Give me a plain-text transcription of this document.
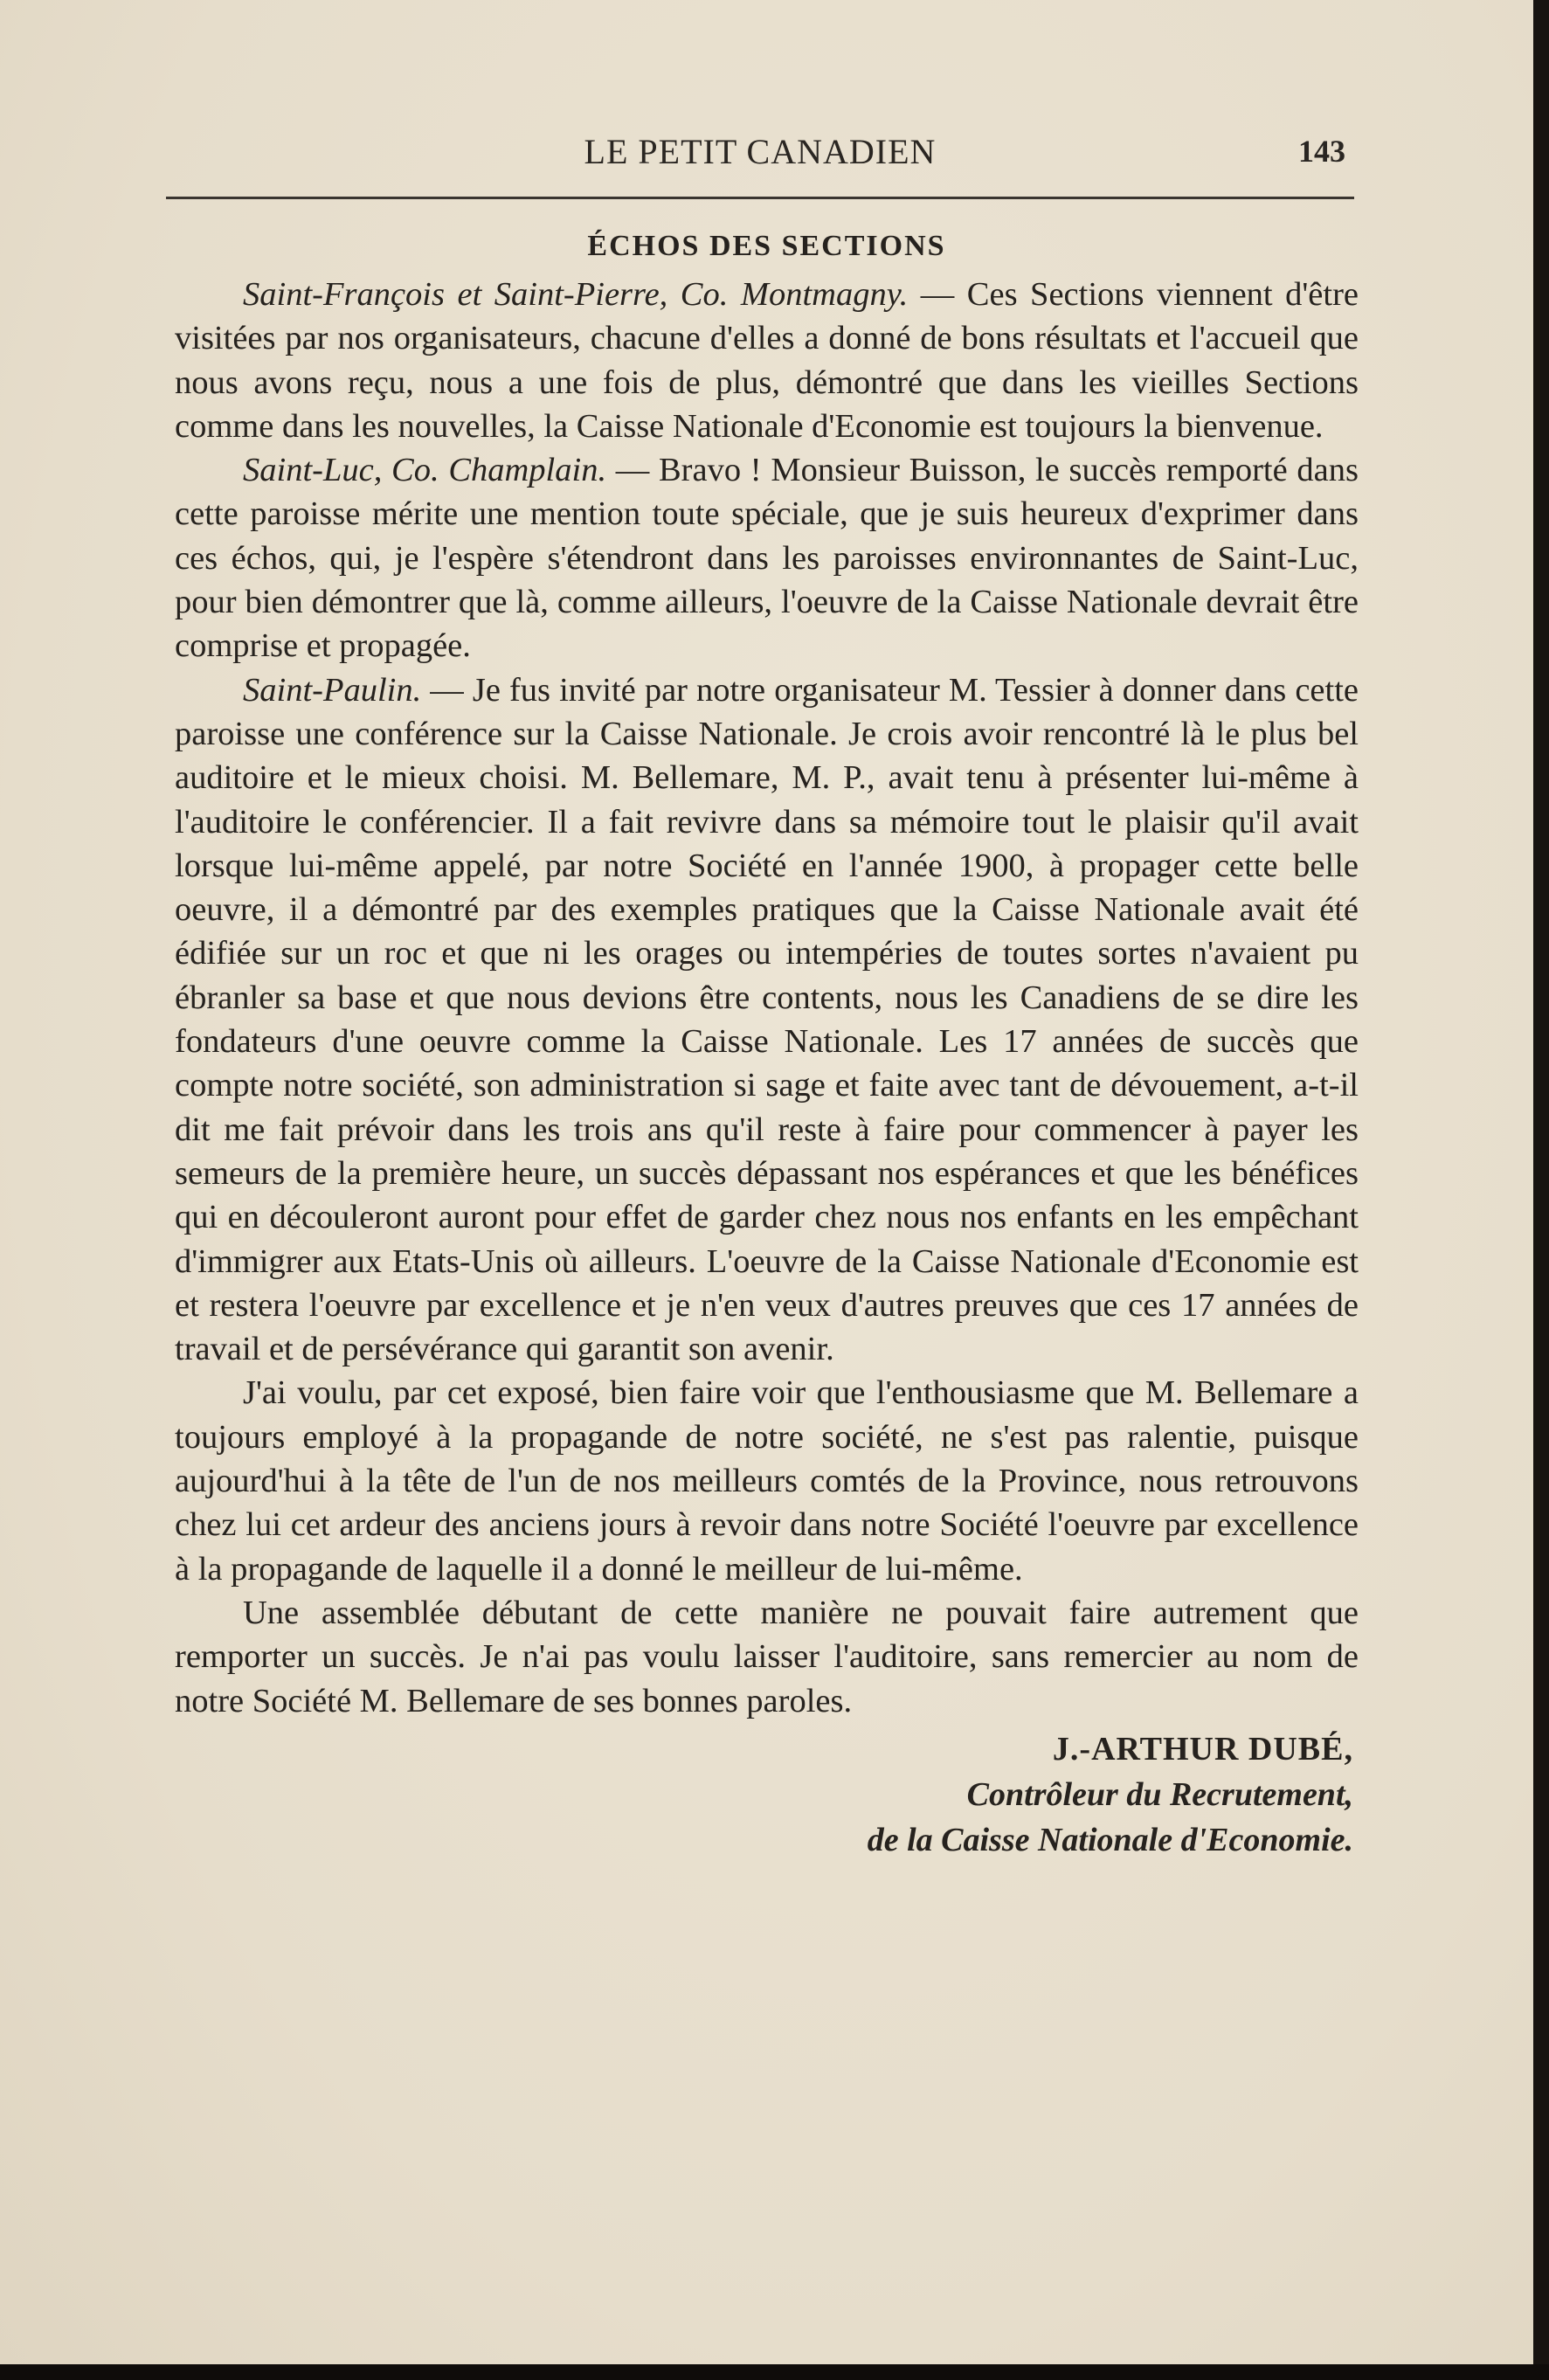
LE PETIT CANADIEN	143
ÉCHOS DES SECTIONS

Saint-François et Saint-Pierre, Co. Montmagny. — Ces Sections viennent d'être visitées par nos organisateurs, chacune d'elles a donné de bons résultats et l'accueil que nous avons reçu, nous a une fois de plus, démontré que dans les vieilles Sections comme dans les nouvelles, la Caisse Nationale d'Economie est toujours la bienvenue.

Saint-Luc, Co. Champlain. — Bravo ! Monsieur Buisson, le succès remporté dans cette paroisse mérite une mention toute spéciale, que je suis heureux d'exprimer dans ces échos, qui, je l'espère s'étendront dans les paroisses environnantes de Saint-Luc, pour bien démontrer que là, comme ailleurs, l'oeuvre de la Caisse Nationale devrait être comprise et propagée.

Saint-Paulin. — Je fus invité par notre organisateur M. Tessier à donner dans cette paroisse une conférence sur la Caisse Nationale. Je crois avoir rencontré là le plus bel auditoire et le mieux choisi. M. Bellemare, M. P., avait tenu à présenter lui-même à l'auditoire le conférencier. Il a fait revivre dans sa mémoire tout le plaisir qu'il avait lorsque lui-même appelé, par notre Société en l'année 1900, à propager cette belle oeuvre, il a démontré par des exemples pratiques que la Caisse Nationale avait été édifiée sur un roc et que ni les orages ou intempéries de toutes sortes n'avaient pu ébranler sa base et que nous devions être contents, nous les Canadiens de se dire les fondateurs d'une oeuvre comme la Caisse Nationale. Les 17 années de succès que compte notre société, son administration si sage et faite avec tant de dévouement, a-t-il dit me fait prévoir dans les trois ans qu'il reste à faire pour commencer à payer les semeurs de la première heure, un succès dépassant nos espérances et que les bénéfices qui en découleront auront pour effet de garder chez nous nos enfants en les empêchant d'immigrer aux Etats-Unis où ailleurs. L'oeuvre de la Caisse Nationale d'Economie est et restera l'oeuvre par excellence et je n'en veux d'autres preuves que ces 17 années de travail et de persévérance qui garantit son avenir.

J'ai voulu, par cet exposé, bien faire voir que l'enthousiasme que M. Bellemare a toujours employé à la propagande de notre société, ne s'est pas ralentie, puisque aujourd'hui à la tête de l'un de nos meilleurs comtés de la Province, nous retrouvons chez lui cet ardeur des anciens jours à revoir dans notre Société l'oeuvre par excellence à la propagande de laquelle il a donné le meilleur de lui-même.

Une assemblée débutant de cette manière ne pouvait faire autrement que remporter un succès. Je n'ai pas voulu laisser l'auditoire, sans remercier au nom de notre Société M. Bellemare de ses bonnes paroles.

J.-ARTHUR DUBÉ,
Contrôleur du Recrutement,
de la Caisse Nationale d'Economie.
